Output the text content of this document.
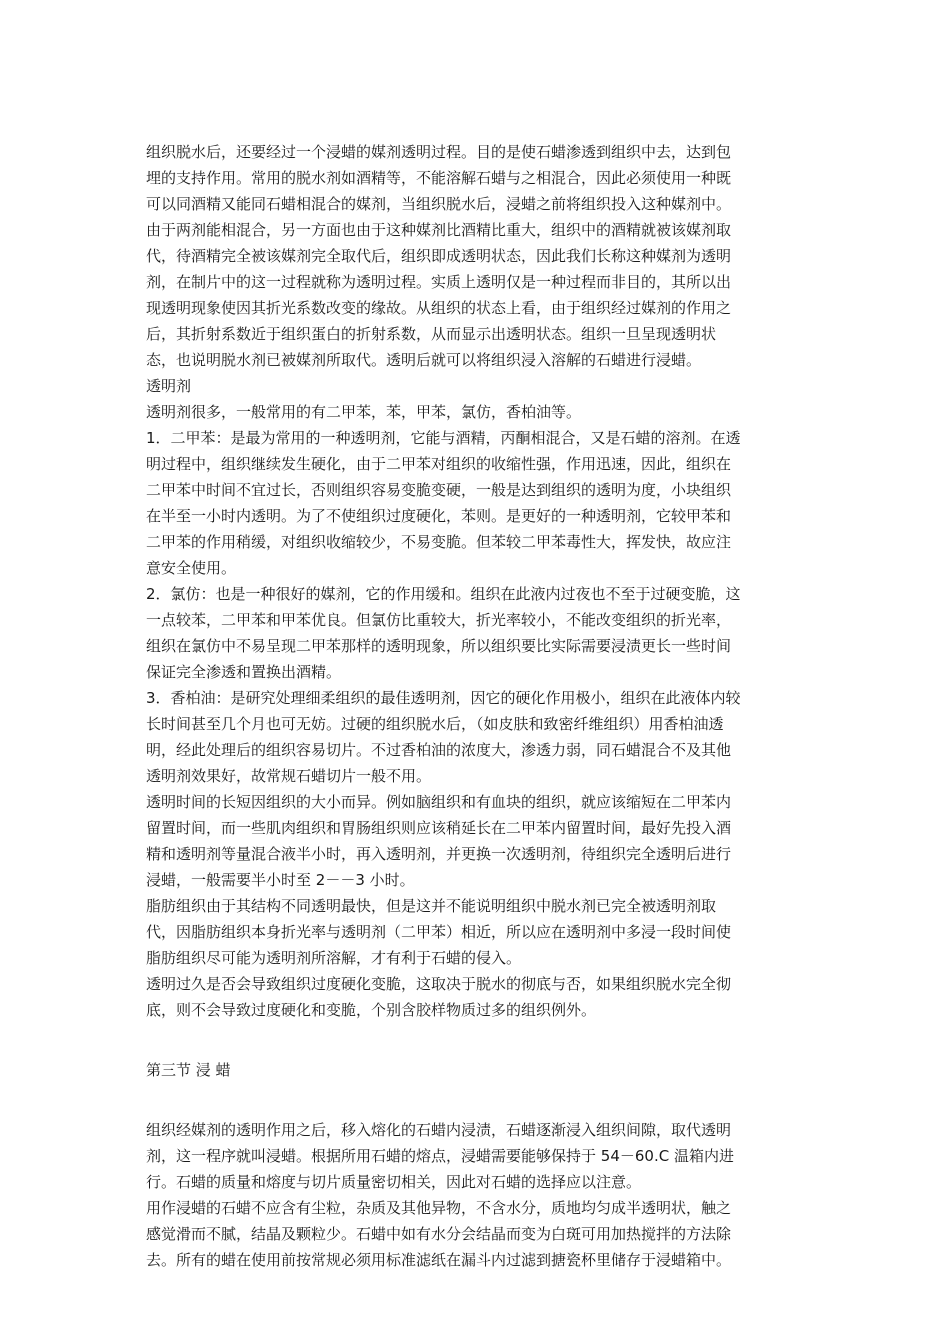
组织脱水后，还要经过一个浸蜡的媒剂透明过程。目的是使石蜡渗透到组织中去，达到包
埋的支持作用。常用的脱水剂如酒精等，不能溶解石蜡与之相混合，因此必须使用一种既
可以同酒精又能同石蜡相混合的媒剂，当组织脱水后，浸蜡之前将组织投入这种媒剂中。
由于两剂能相混合，另一方面也由于这种媒剂比酒精比重大，组织中的酒精就被该媒剂取
代，待酒精完全被该媒剂完全取代后，组织即成透明状态，因此我们长称这种媒剂为透明
剂，在制片中的这一过程就称为透明过程。实质上透明仅是一种过程而非目的，其所以出
现透明现象使因其折光系数改变的缘故。从组织的状态上看，由于组织经过媒剂的作用之
后，其折射系数近于组织蛋白的折射系数，从而显示出透明状态。组织一旦呈现透明状
态，也说明脱水剂已被媒剂所取代。透明后就可以将组织浸入溶解的石蜡进行浸蜡。
透明剂
透明剂很多，一般常用的有二甲苯，苯，甲苯，氯仿，香柏油等。
1．二甲苯：是最为常用的一种透明剂，它能与酒精，丙酮相混合，又是石蜡的溶剂。在透
明过程中，组织继续发生硬化，由于二甲苯对组织的收缩性强，作用迅速，因此，组织在
二甲苯中时间不宜过长，否则组织容易变脆变硬，一般是达到组织的透明为度，小块组织
在半至一小时内透明。为了不使组织过度硬化，苯则。是更好的一种透明剂，它较甲苯和
二甲苯的作用稍缓，对组织收缩较少，不易变脆。但苯较二甲苯毒性大，挥发快，故应注
意安全使用。
2．氯仿：也是一种很好的媒剂，它的作用缓和。组织在此液内过夜也不至于过硬变脆，这
一点较苯，二甲苯和甲苯优良。但氯仿比重较大，折光率较小，不能改变组织的折光率，
组织在氯仿中不易呈现二甲苯那样的透明现象，所以组织要比实际需要浸渍更长一些时间
保证完全渗透和置换出酒精。
3．香柏油：是研究处理细柔组织的最佳透明剂，因它的硬化作用极小，组织在此液体内较
长时间甚至几个月也可无妨。过硬的组织脱水后，（如皮肤和致密纤维组织）用香柏油透
明，经此处理后的组织容易切片。不过香柏油的浓度大，渗透力弱，同石蜡混合不及其他
透明剂效果好，故常规石蜡切片一般不用。
透明时间的长短因组织的大小而异。例如脑组织和有血块的组织，就应该缩短在二甲苯内
留置时间，而一些肌肉组织和胃肠组织则应该稍延长在二甲苯内留置时间，最好先投入酒
精和透明剂等量混合液半小时，再入透明剂，并更换一次透明剂，待组织完全透明后进行
浸蜡，一般需要半小时至 2－－3 小时。
脂肪组织由于其结构不同透明最快，但是这并不能说明组织中脱水剂已完全被透明剂取
代，因脂肪组织本身折光率与透明剂（二甲苯）相近，所以应在透明剂中多浸一段时间使
脂肪组织尽可能为透明剂所溶解，才有利于石蜡的侵入。
透明过久是否会导致组织过度硬化变脆，这取决于脱水的彻底与否，如果组织脱水完全彻
底，则不会导致过度硬化和变脆，个别含胶样物质过多的组织例外。
第三节 浸 蜡
组织经媒剂的透明作用之后，移入熔化的石蜡内浸渍，石蜡逐渐浸入组织间隙，取代透明
剂，这一程序就叫浸蜡。根据所用石蜡的熔点，浸蜡需要能够保持于 54－60.C 温箱内进
行。石蜡的质量和熔度与切片质量密切相关，因此对石蜡的选择应以注意。
用作浸蜡的石蜡不应含有尘粒，杂质及其他异物，不含水分，质地均匀成半透明状，触之
感觉滑而不腻，结晶及颗粒少。石蜡中如有水分会结晶而变为白斑可用加热搅拌的方法除
去。所有的蜡在使用前按常规必须用标准滤纸在漏斗内过滤到搪瓷杯里储存于浸蜡箱中。
